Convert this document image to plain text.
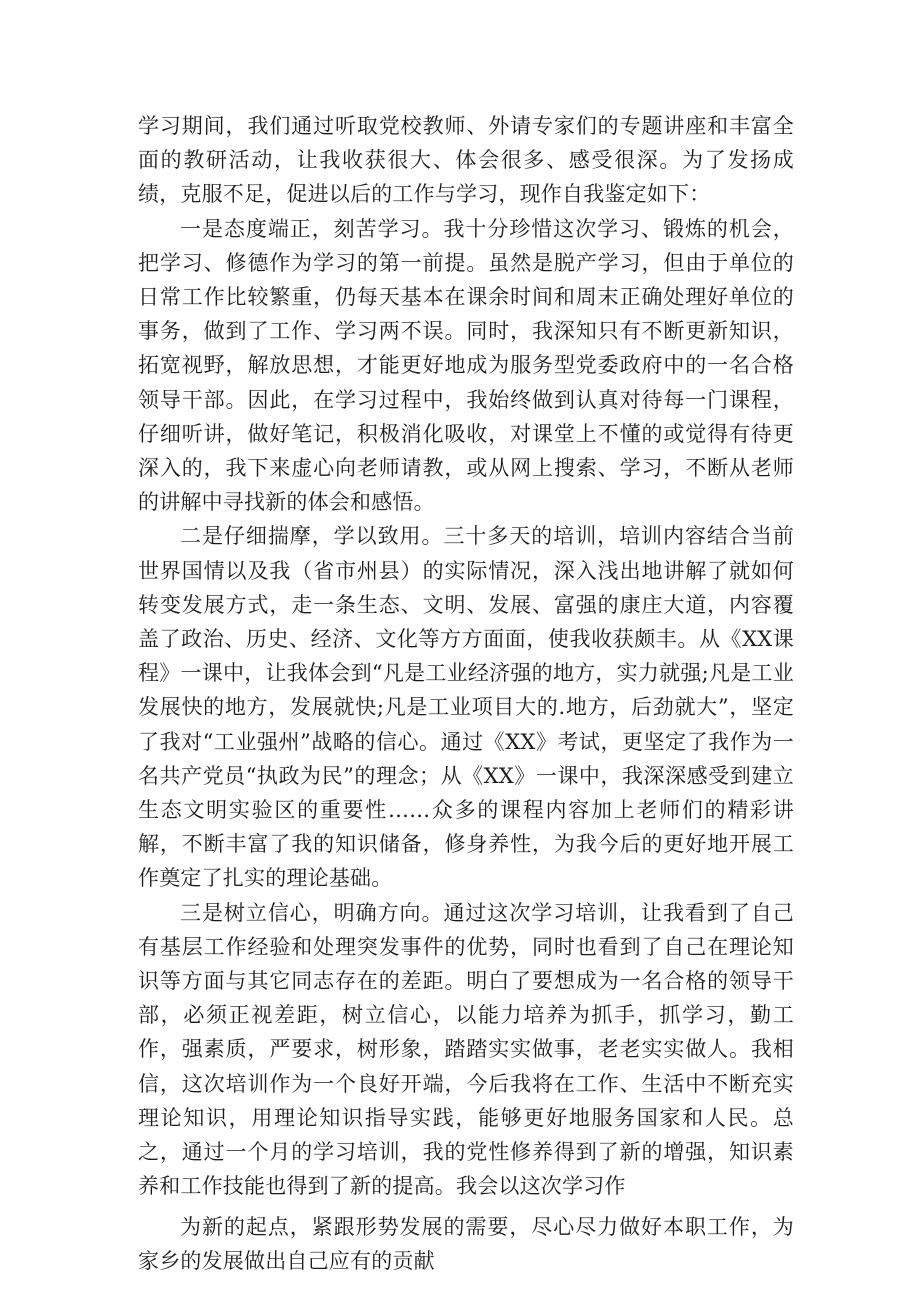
学习期间，我们通过听取党校教师、外请专家们的专题讲座和丰富全面的教研活动，让我收获很大、体会很多、感受很深。为了发扬成绩，克服不足，促进以后的工作与学习，现作自我鉴定如下：

一是态度端正，刻苦学习。我十分珍惜这次学习、锻炼的机会，把学习、修德作为学习的第一前提。虽然是脱产学习，但由于单位的日常工作比较繁重，仍每天基本在课余时间和周末正确处理好单位的事务，做到了工作、学习两不误。同时，我深知只有不断更新知识，拓宽视野，解放思想，才能更好地成为服务型党委政府中的一名合格领导干部。因此，在学习过程中，我始终做到认真对待每一门课程，仔细听讲，做好笔记，积极消化吸收，对课堂上不懂的或觉得有待更深入的，我下来虚心向老师请教，或从网上搜索、学习，不断从老师的讲解中寻找新的体会和感悟。

二是仔细揣摩，学以致用。三十多天的培训，培训内容结合当前世界国情以及我（省市州县）的实际情况，深入浅出地讲解了就如何转变发展方式，走一条生态、文明、发展、富强的康庄大道，内容覆盖了政治、历史、经济、文化等方方面面，使我收获颇丰。从《XX课程》一课中，让我体会到“凡是工业经济强的地方，实力就强;凡是工业发展快的地方，发展就快;凡是工业项目大的.地方，后劲就大”，坚定了我对“工业强州”战略的信心。通过《XX》考试，更坚定了我作为一名共产党员“执政为民”的理念；从《XX》一课中，我深深感受到建立生态文明实验区的重要性……众多的课程内容加上老师们的精彩讲解，不断丰富了我的知识储备，修身养性，为我今后的更好地开展工作奠定了扎实的理论基础。

三是树立信心，明确方向。通过这次学习培训，让我看到了自己有基层工作经验和处理突发事件的优势，同时也看到了自己在理论知识等方面与其它同志存在的差距。明白了要想成为一名合格的领导干部，必须正视差距，树立信心，以能力培养为抓手，抓学习，勤工作，强素质，严要求，树形象，踏踏实实做事，老老实实做人。我相信，这次培训作为一个良好开端，今后我将在工作、生活中不断充实理论知识，用理论知识指导实践，能够更好地服务国家和人民。总之，通过一个月的学习培训，我的党性修养得到了新的增强，知识素养和工作技能也得到了新的提高。我会以这次学习作

为新的起点，紧跟形势发展的需要，尽心尽力做好本职工作，为家乡的发展做出自己应有的贡献
